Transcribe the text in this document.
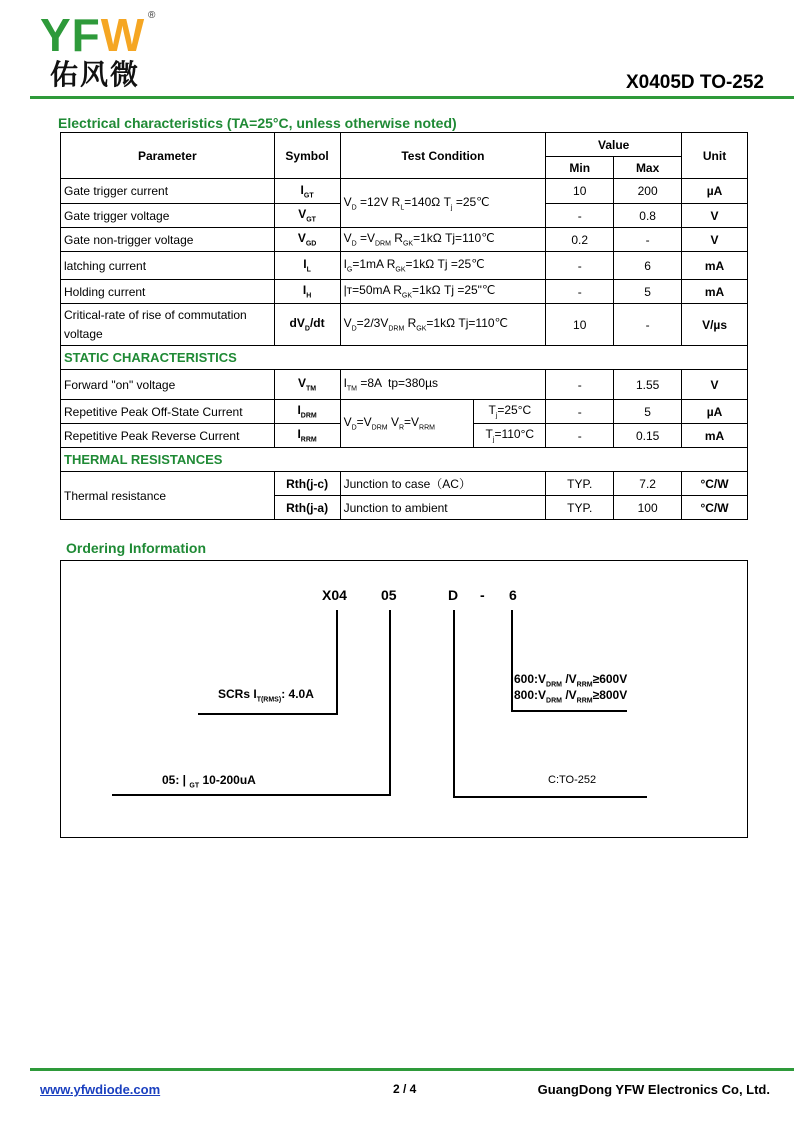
YFW ®
佑风微	X0405D TO-252
Electrical characteristics (TA=25°C, unless otherwise noted)
Parameter	Symbol	Test Condition		Value		Unit
				Min	Max	
Gate trigger current	$I_{GT}$	$V_D =12V$ $R_L=140\Omega$ $T_j$ =25℃		10	200	µA
Gate trigger voltage	$V_{GT}$			-	0.8	V
Gate non-trigger voltage	$V_{GD}$	$V_D =V_{DRM}$ $R_{GK}=1k\Omega$ Tj=110℃		0.2	-	V
latching current	$I_L$	$I_G=1mA$ $R_{GK}=1k\Omega$ Tj =25℃		-	6	mA
Holding current	$I_H$	|т=50mA $R_{GK}=1k\Omega$ Tj =25"℃		-	5	mA
Critical-rate of rise of commutation voltage	$dV_D/dt$	$V_D=2/3V_{DRM}$ $R_{GK}=1k\Omega$ Tj=110℃		10	-	V/µs
STATIC CHARACTERISTICS						
Forward "on" voltage	$V_{TM}$	$I_{TM} =8A$  tp=380µs		-	1.55	V
Repetitive Peak Off-State Current	$I_{DRM}$	$V_D=V_{DRM}$ $V_R=V_{RRM}$	$T_j=25^\circ C$	-	5	µA
Repetitive Peak Reverse Current	$I_{RRM}$		$T_j=110^\circ C$	-	0.15	mA
THERMAL RESISTANCES						
Thermal resistance	Rth(j-c)	Junction to case（AC）		TYP.	7.2	°C/W
	Rth(j-a)	Junction to ambient		TYP.	100	°C/W
Ordering Information
X04 05	D - 6
SCRs $I_{T(RMS)}$: 4.0A
05: | $_{GT}$ 10-200uA	C:TO-252
$600:V_{DRM}$ $/V_{RRM}\ge 600V$
$800:V_{DRM}$ $/V_{RRM}\ge 800V$
www.yfwdiode.com	2 / 4	GuangDong YFW Electronics Co, Ltd.
